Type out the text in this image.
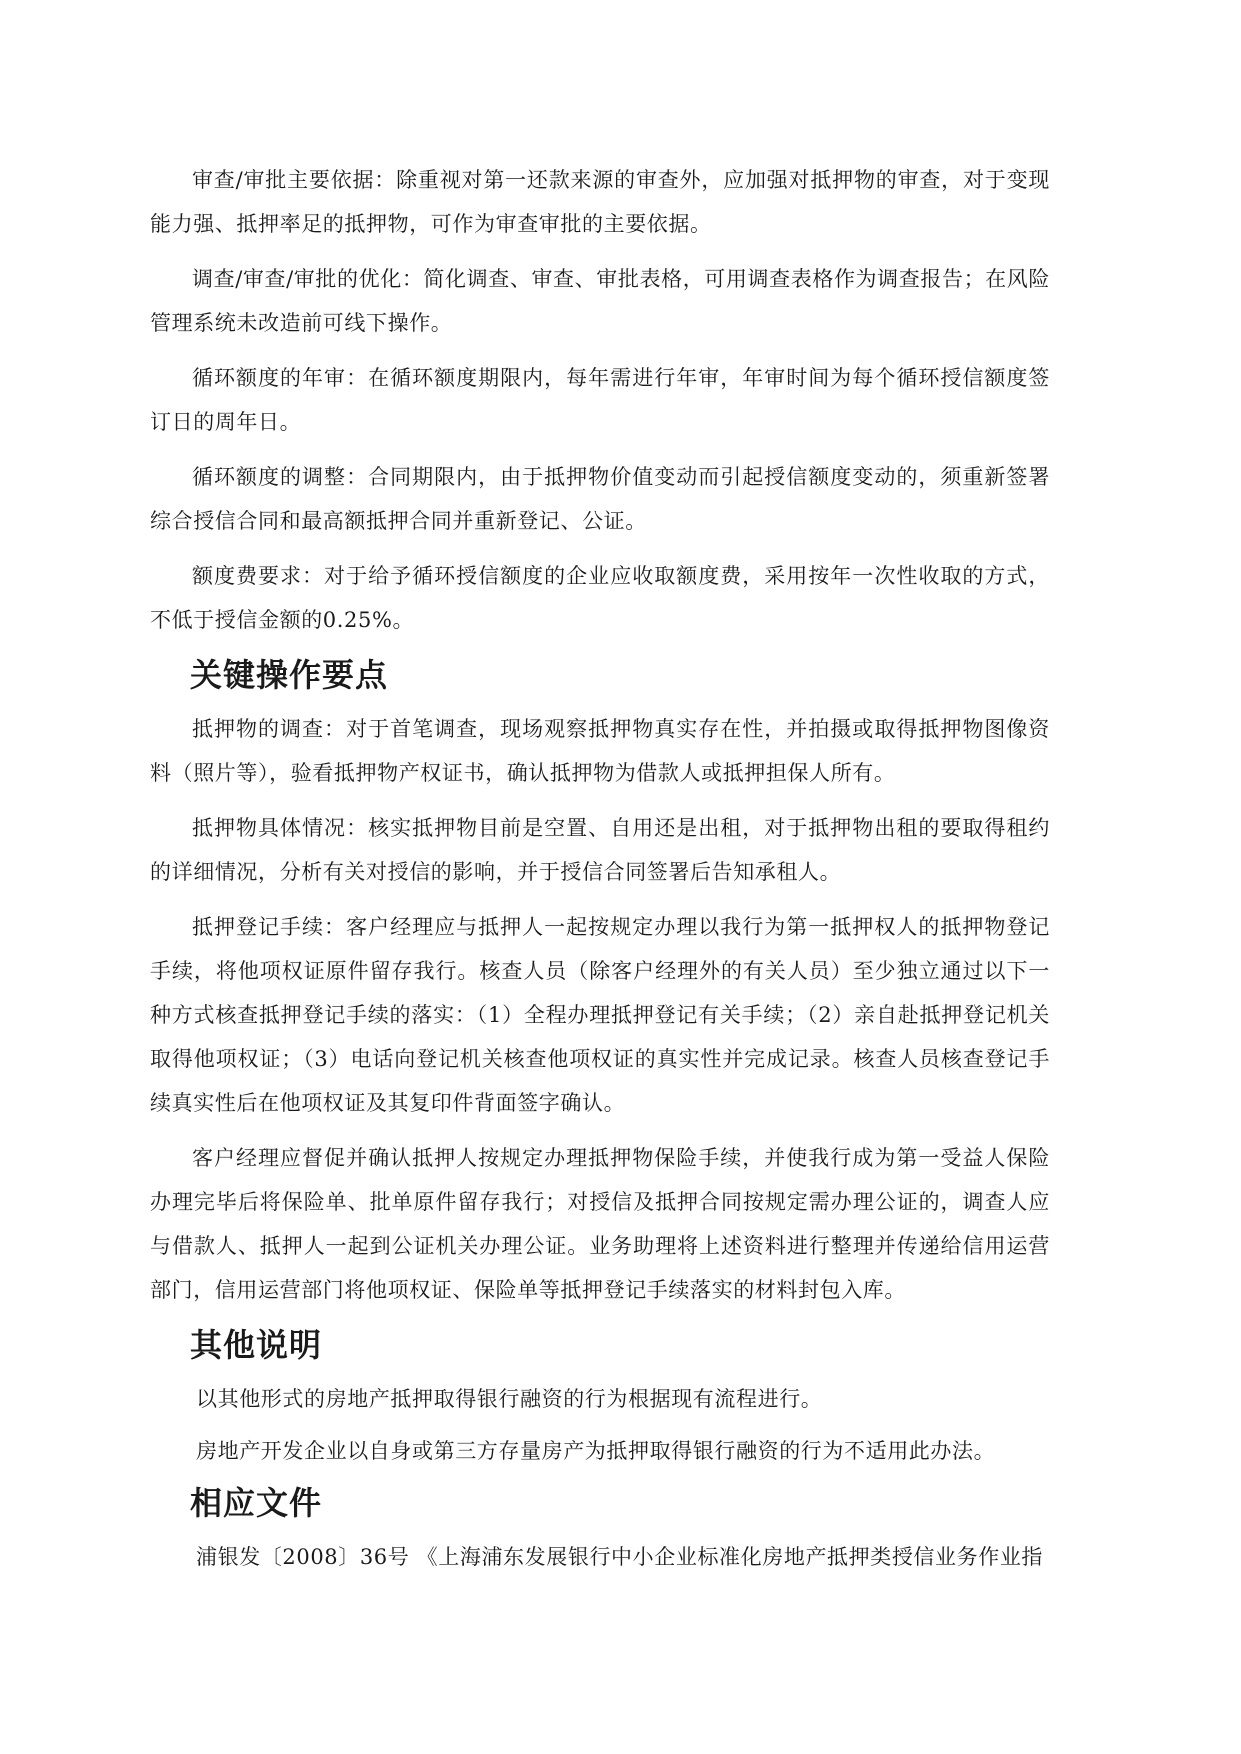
审查/审批主要依据：除重视对第一还款来源的审查外，应加强对抵押物的审查，对于变现能力强、抵押率足的抵押物，可作为审查审批的主要依据。

调查/审查/审批的优化：简化调查、审查、审批表格，可用调查表格作为调查报告；在风险管理系统未改造前可线下操作。

循环额度的年审：在循环额度期限内，每年需进行年审，年审时间为每个循环授信额度签订日的周年日。

循环额度的调整：合同期限内，由于抵押物价值变动而引起授信额度变动的，须重新签署综合授信合同和最高额抵押合同并重新登记、公证。

额度费要求：对于给予循环授信额度的企业应收取额度费，采用按年一次性收取的方式，不低于授信金额的0.25%。

关键操作要点

抵押物的调查：对于首笔调查，现场观察抵押物真实存在性，并拍摄或取得抵押物图像资料（照片等），验看抵押物产权证书，确认抵押物为借款人或抵押担保人所有。

抵押物具体情况：核实抵押物目前是空置、自用还是出租，对于抵押物出租的要取得租约的详细情况，分析有关对授信的影响，并于授信合同签署后告知承租人。

抵押登记手续：客户经理应与抵押人一起按规定办理以我行为第一抵押权人的抵押物登记手续，将他项权证原件留存我行。核查人员（除客户经理外的有关人员）至少独立通过以下一种方式核查抵押登记手续的落实：（1）全程办理抵押登记有关手续；（2）亲自赴抵押登记机关取得他项权证；（3）电话向登记机关核查他项权证的真实性并完成记录。核查人员核查登记手续真实性后在他项权证及其复印件背面签字确认。

客户经理应督促并确认抵押人按规定办理抵押物保险手续，并使我行成为第一受益人保险办理完毕后将保险单、批单原件留存我行；对授信及抵押合同按规定需办理公证的，调查人应与借款人、抵押人一起到公证机关办理公证。业务助理将上述资料进行整理并传递给信用运营部门，信用运营部门将他项权证、保险单等抵押登记手续落实的材料封包入库。

其他说明
以其他形式的房地产抵押取得银行融资的行为根据现有流程进行。
房地产开发企业以自身或第三方存量房产为抵押取得银行融资的行为不适用此办法。
相应文件
浦银发〔2008〕36号 《上海浦东发展银行中小企业标准化房地产抵押类授信业务作业指
